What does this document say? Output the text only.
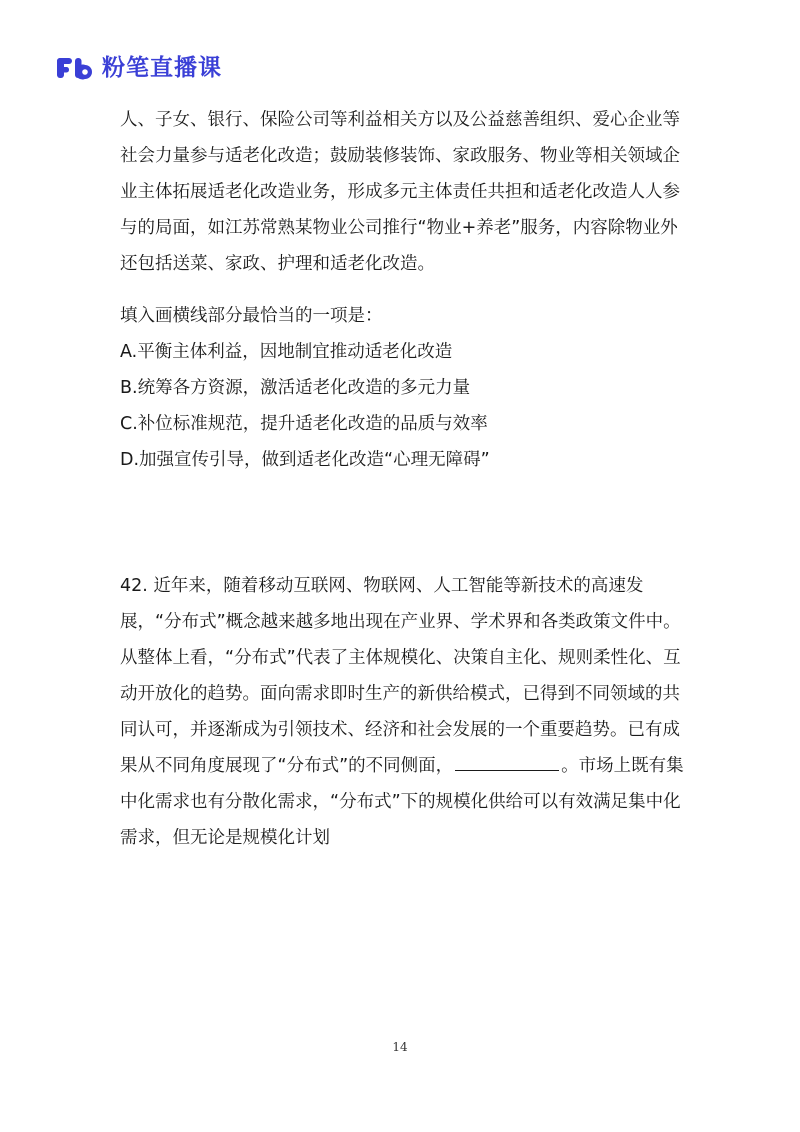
粉笔直播课

人、子女、银行、保险公司等利益相关方以及公益慈善组织、爱心企业等社会力量参与适老化改造；鼓励装修装饰、家政服务、物业等相关领域企业主体拓展适老化改造业务，形成多元主体责任共担和适老化改造人人参与的局面，如江苏常熟某物业公司推行“物业+养老”服务，内容除物业外还包括送菜、家政、护理和适老化改造。

填入画横线部分最恰当的一项是：

A.平衡主体利益，因地制宜推动适老化改造

B.统筹各方资源，激活适老化改造的多元力量

C.补位标准规范，提升适老化改造的品质与效率

D.加强宣传引导，做到适老化改造“心理无障碍”

42. 近年来，随着移动互联网、物联网、人工智能等新技术的高速发展，“分布式”概念越来越多地出现在产业界、学术界和各类政策文件中。从整体上看，“分布式”代表了主体规模化、决策自主化、规则柔性化、互动开放化的趋势。面向需求即时生产的新供给模式，已得到不同领域的共同认可，并逐渐成为引领技术、经济和社会发展的一个重要趋势。已有成果从不同角度展现了“分布式”的不同侧面，	。市场上既有集中化需求也有分散化需求，“分布式”下的规模化供给可以有效满足集中化需求，但无论是规模化计划

14
